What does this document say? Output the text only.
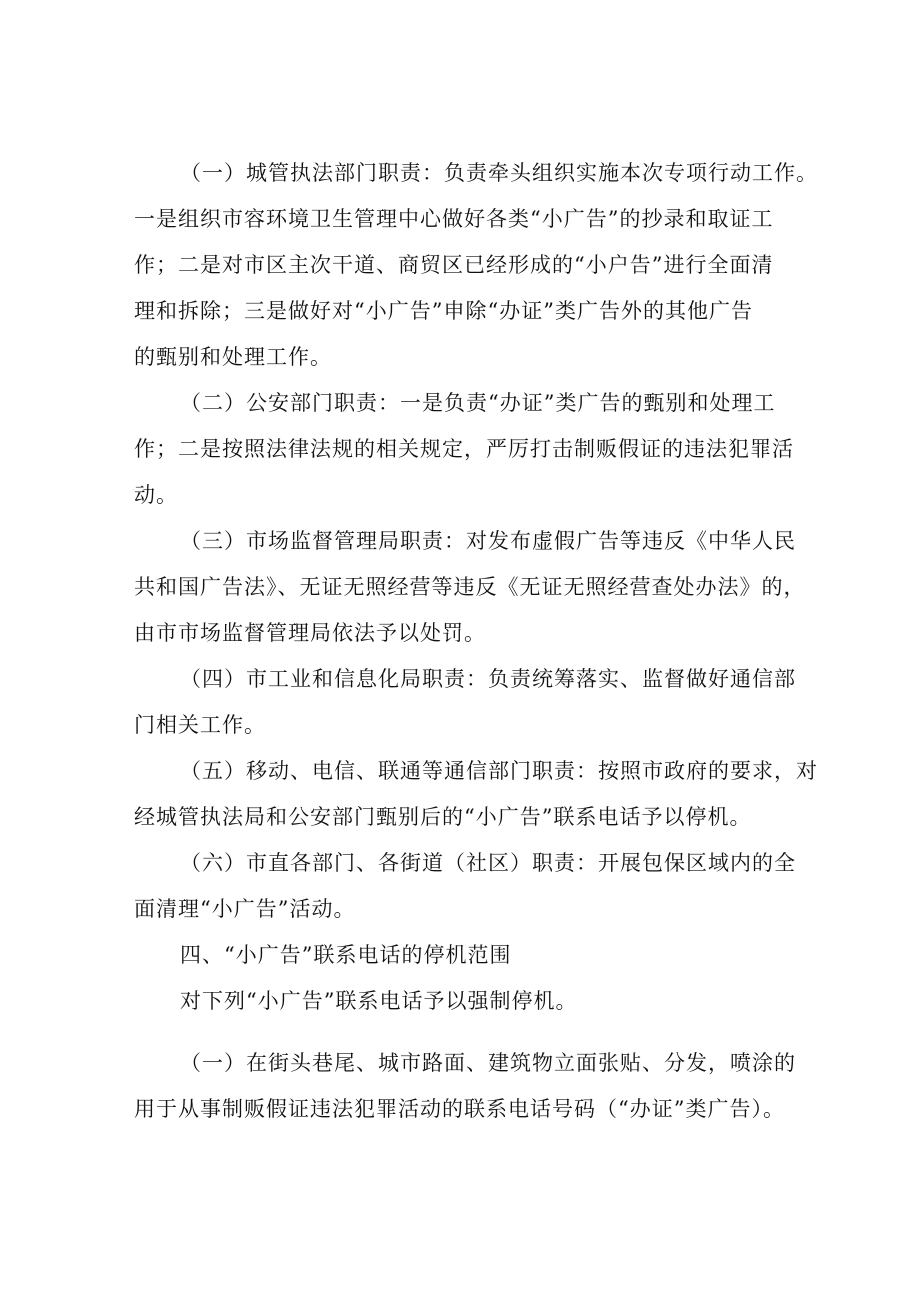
（一）城管执法部门职责：负责牵头组织实施本次专项行动工作。
一是组织市容环境卫生管理中心做好各类“小广告”的抄录和取证工
作；二是对市区主次干道、商贸区已经形成的“小户告”进行全面清
理和拆除；三是做好对“小广告”申除“办证”类广告外的其他广告
的甄别和处理工作。
（二）公安部门职责：一是负责“办证”类广告的甄别和处理工
作；二是按照法律法规的相关规定，严厉打击制贩假证的违法犯罪活
动。
（三）市场监督管理局职责：对发布虚假广告等违反《中华人民
共和国广告法》、无证无照经营等违反《无证无照经营查处办法》的，
由市市场监督管理局依法予以处罚。
（四）市工业和信息化局职责：负责统筹落实、监督做好通信部
门相关工作。
（五）移动、电信、联通等通信部门职责：按照市政府的要求，对
经城管执法局和公安部门甄别后的“小广告”联系电话予以停机。
（六）市直各部门、各街道（社区）职责：开展包保区域内的全
面清理“小广告”活动。
四、“小广告”联系电话的停机范围
对下列“小广告”联系电话予以强制停机。
（一）在街头巷尾、城市路面、建筑物立面张贴、分发，喷涂的
用于从事制贩假证违法犯罪活动的联系电话号码（“办证”类广告）。
